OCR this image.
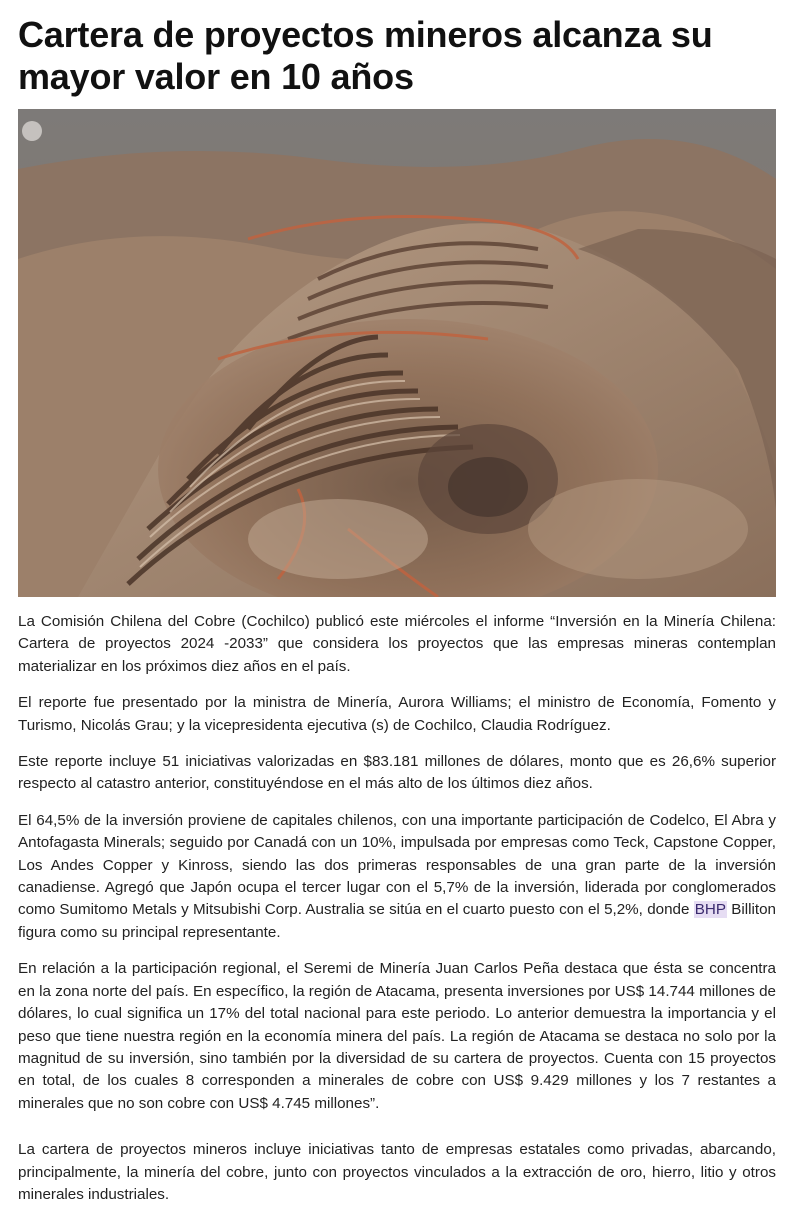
Cartera de proyectos mineros alcanza su mayor valor en 10 años

La Comisión Chilena del Cobre (Cochilco) publicó este miércoles el informe “Inversión en la Minería Chilena: Cartera de proyectos 2024 -2033” que considera los proyectos que las empresas mineras contemplan materializar en los próximos diez años en el país.

El reporte fue presentado por la ministra de Minería, Aurora Williams; el ministro de Economía, Fomento y Turismo, Nicolás Grau; y la vicepresidenta ejecutiva (s) de Cochilco, Claudia Rodríguez.

Este reporte incluye 51 iniciativas valorizadas en $83.181 millones de dólares, monto que es 26,6% superior respecto al catastro anterior, constituyéndose en el más alto de los últimos diez años.

El 64,5% de la inversión proviene de capitales chilenos, con una importante participación de Codelco, El Abra y Antofagasta Minerals; seguido por Canadá con un 10%, impulsada por empresas como Teck, Capstone Copper, Los Andes Copper y Kinross, siendo las dos primeras responsables de una gran parte de la inversión canadiense. Agregó que Japón ocupa el tercer lugar con el 5,7% de la inversión, liderada por conglomerados como Sumitomo Metals y Mitsubishi Corp. Australia se sitúa en el cuarto puesto con el 5,2%, donde BHP Billiton figura como su principal representante.

En relación a la participación regional, el Seremi de Minería Juan Carlos Peña destaca que ésta se concentra en la zona norte del país. En específico, la región de Atacama, presenta inversiones por US$ 14.744 millones de dólares, lo cual significa un 17% del total nacional para este periodo. Lo anterior demuestra la importancia y el peso que tiene nuestra región en la economía minera del país. La región de Atacama se destaca no solo por la magnitud de su inversión, sino también por la diversidad de su cartera de proyectos. Cuenta con 15 proyectos en total, de los cuales 8 corresponden a minerales de cobre con US$ 9.429 millones y los 7 restantes a minerales que no son cobre con US$ 4.745 millones”.

La cartera de proyectos mineros incluye iniciativas tanto de empresas estatales como privadas, abarcando, principalmente, la minería del cobre, junto con proyectos vinculados a la extracción de oro, hierro, litio y otros minerales industriales.
